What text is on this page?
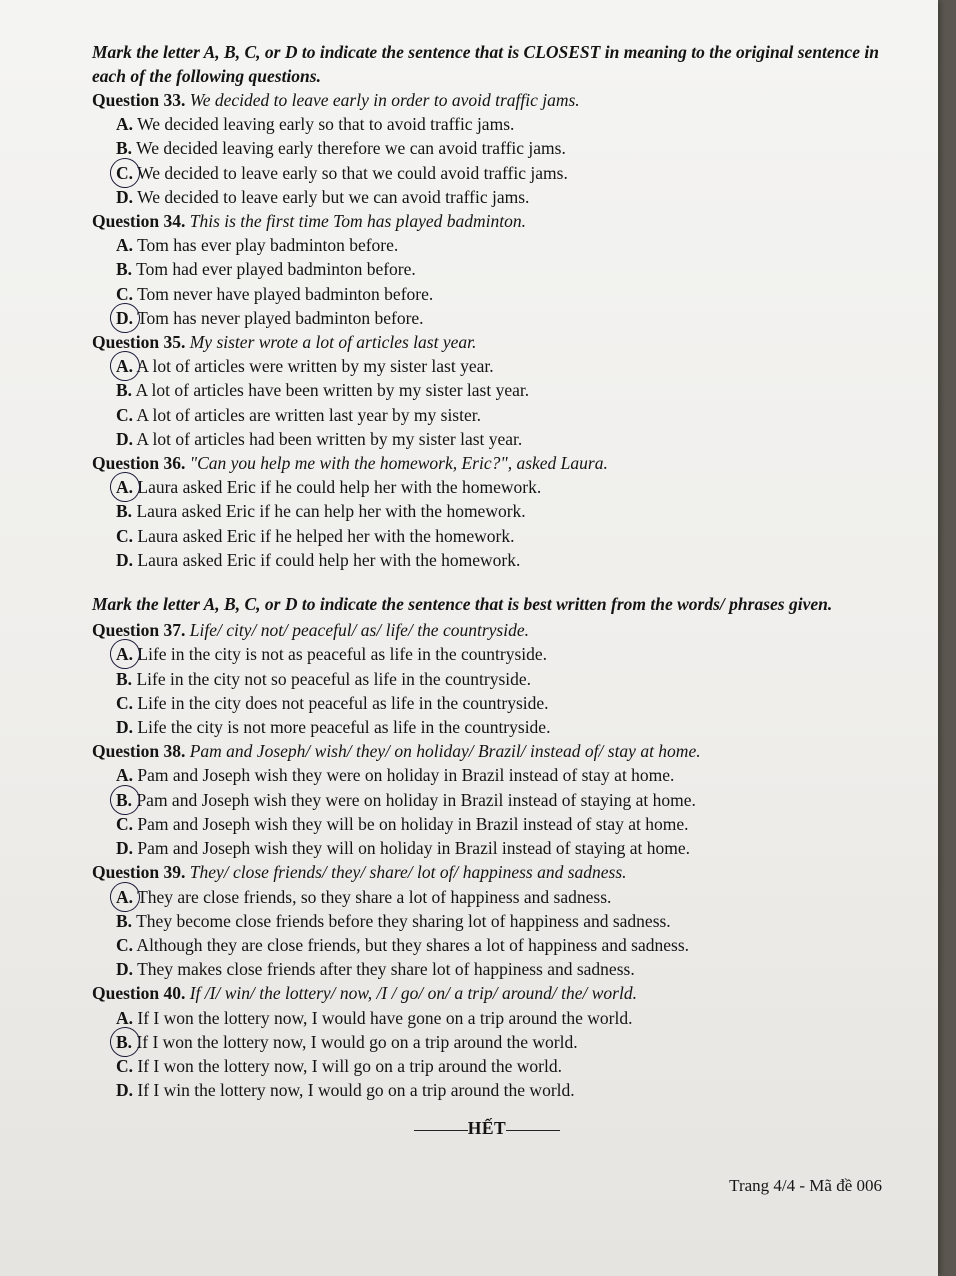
Mark the letter A, B, C, or D to indicate the sentence that is CLOSEST in meaning to the original sentence in each of the following questions.
Question 33. We decided to leave early in order to avoid traffic jams.
A. We decided leaving early so that to avoid traffic jams.
B. We decided leaving early therefore we can avoid traffic jams.
C. We decided to leave early so that we could avoid traffic jams.
D. We decided to leave early but we can avoid traffic jams.
Question 34. This is the first time Tom has played badminton.
A. Tom has ever play badminton before.
B. Tom had ever played badminton before.
C. Tom never have played badminton before.
D. Tom has never played badminton before.
Question 35. My sister wrote a lot of articles last year.
A. A lot of articles were written by my sister last year.
B. A lot of articles have been written by my sister last year.
C. A lot of articles are written last year by my sister.
D. A lot of articles had been written by my sister last year.
Question 36. "Can you help me with the homework, Eric?", asked Laura.
A. Laura asked Eric if he could help her with the homework.
B. Laura asked Eric if he can help her with the homework.
C. Laura asked Eric if he helped her with the homework.
D. Laura asked Eric if could help her with the homework.
Mark the letter A, B, C, or D to indicate the sentence that is best written from the words/ phrases given.
Question 37. Life/ city/ not/ peaceful/ as/ life/ the countryside.
A. Life in the city is not as peaceful as life in the countryside.
B. Life in the city not so peaceful as life in the countryside.
C. Life in the city does not peaceful as life in the countryside.
D. Life the city is not more peaceful as life in the countryside.
Question 38. Pam and Joseph/ wish/ they/ on holiday/ Brazil/ instead of/ stay at home.
A. Pam and Joseph wish they were on holiday in Brazil instead of stay at home.
B. Pam and Joseph wish they were on holiday in Brazil instead of staying at home.
C. Pam and Joseph wish they will be on holiday in Brazil instead of stay at home.
D. Pam and Joseph wish they will on holiday in Brazil instead of staying at home.
Question 39. They/ close friends/ they/ share/ lot of/ happiness and sadness.
A. They are close friends, so they share a lot of happiness and sadness.
B. They become close friends before they sharing lot of happiness and sadness.
C. Although they are close friends, but they shares a lot of happiness and sadness.
D. They makes close friends after they share lot of happiness and sadness.
Question 40. If /I/ win/ the lottery/ now, /I / go/ on/ a trip/ around/ the/ world.
A. If I won the lottery now, I would have gone on a trip around the world.
B. If I won the lottery now, I would go on a trip around the world.
C. If I won the lottery now, I will go on a trip around the world.
D. If I win the lottery now, I would go on a trip around the world.
HẾT
Trang 4/4 - Mã đề 006
